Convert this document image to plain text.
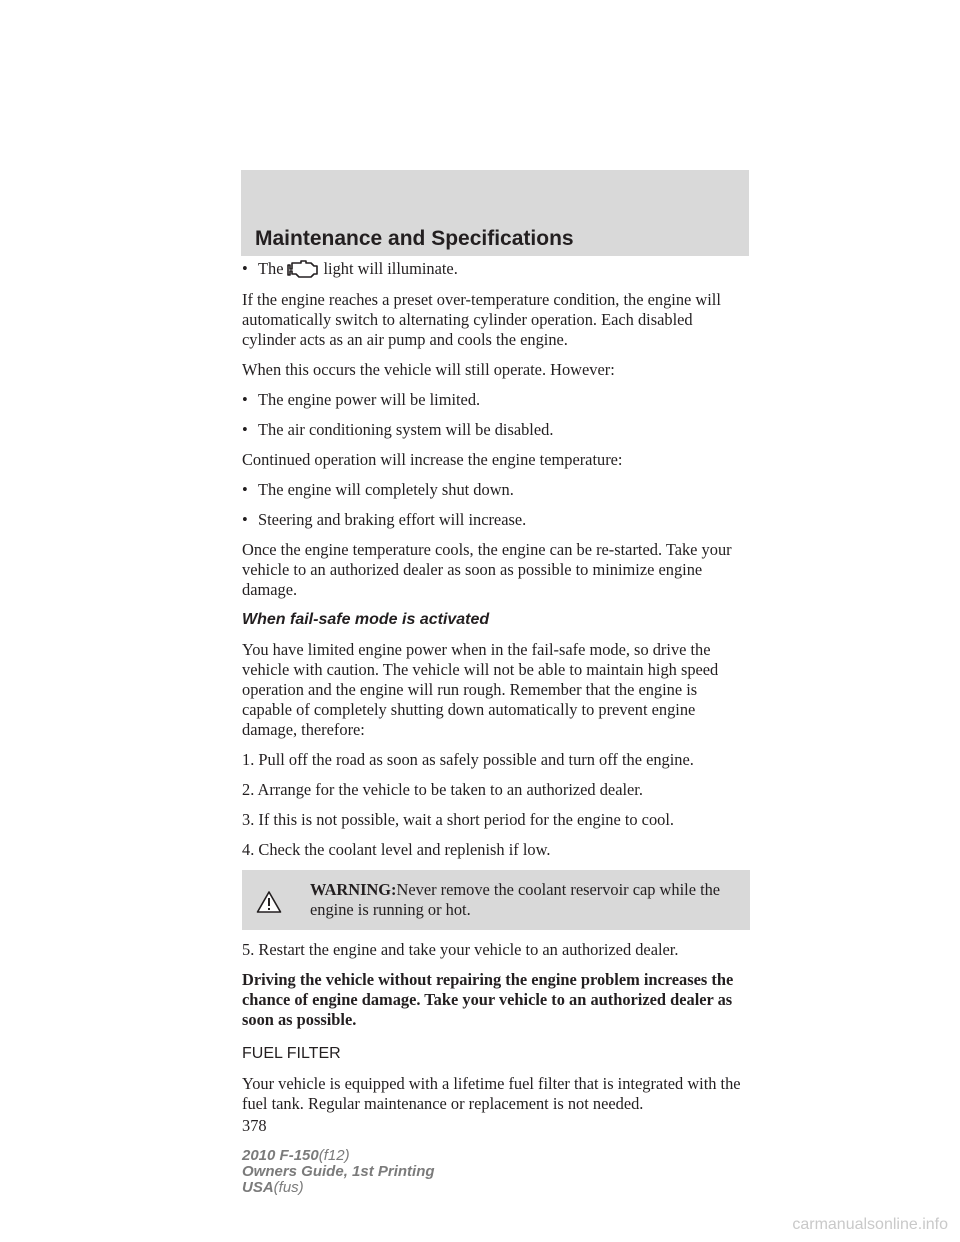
Maintenance and Specifications
• The light will illuminate.

If the engine reaches a preset over-temperature condition, the engine will automatically switch to alternating cylinder operation. Each disabled cylinder acts as an air pump and cools the engine.

When this occurs the vehicle will still operate. However:

• The engine power will be limited.
• The air conditioning system will be disabled.

Continued operation will increase the engine temperature:

• The engine will completely shut down.
• Steering and braking effort will increase.

Once the engine temperature cools, the engine can be re-started. Take your vehicle to an authorized dealer as soon as possible to minimize engine damage.

When fail-safe mode is activated

You have limited engine power when in the fail-safe mode, so drive the vehicle with caution. The vehicle will not be able to maintain high speed operation and the engine will run rough. Remember that the engine is capable of completely shutting down automatically to prevent engine damage, therefore:

1. Pull off the road as soon as safely possible and turn off the engine.

2. Arrange for the vehicle to be taken to an authorized dealer.

3. If this is not possible, wait a short period for the engine to cool.

4. Check the coolant level and replenish if low.

WARNING:Never remove the coolant reservoir cap while the engine is running or hot.

5. Restart the engine and take your vehicle to an authorized dealer.

Driving the vehicle without repairing the engine problem increases the chance of engine damage. Take your vehicle to an authorized dealer as soon as possible.

FUEL FILTER

Your vehicle is equipped with a lifetime fuel filter that is integrated with the fuel tank. Regular maintenance or replacement is not needed.

378

2010 F-150(f12)
Owners Guide, 1st Printing
USA(fus)
carmanualsonline.info
